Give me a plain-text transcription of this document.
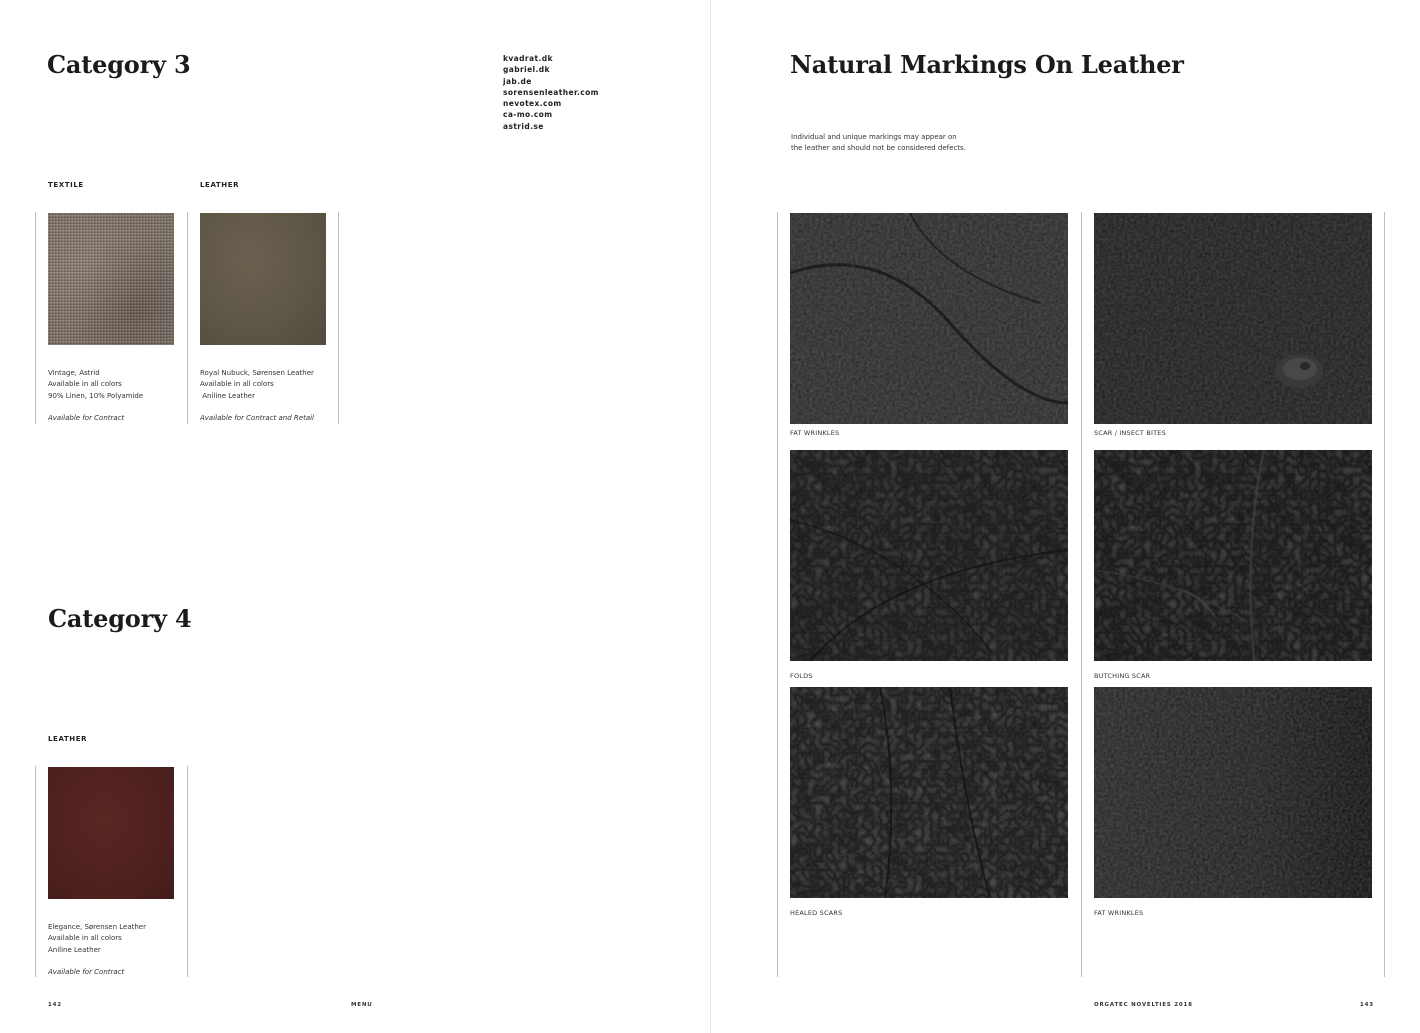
Category 3	kvadrat.dk
gabriel.dk
jab.de
sorensenleather.com
nevotex.com
ca-mo.com
astrid.se
TEXTILE	LEATHER
Vintage, Astrid
Available in all colors
90% Linen, 10% Polyamide
Available for Contract
Royal Nubuck, Sørensen Leather
Available in all colors
Aniline Leather
Available for Contract and Retail
Category 4
LEATHER
Elegance, Sørensen Leather
Available in all colors
Aniline Leather
Available for Contract
142	MENU
Natural Markings On Leather
Individual and unique markings may appear on
the leather and should not be considered defects.
FAT WRINKLES	SCAR / INSECT BITES
FOLDS	BUTCHING SCAR
HEALED SCARS	FAT WRINKLES
ORGATEC NOVELTIES 2018	143
